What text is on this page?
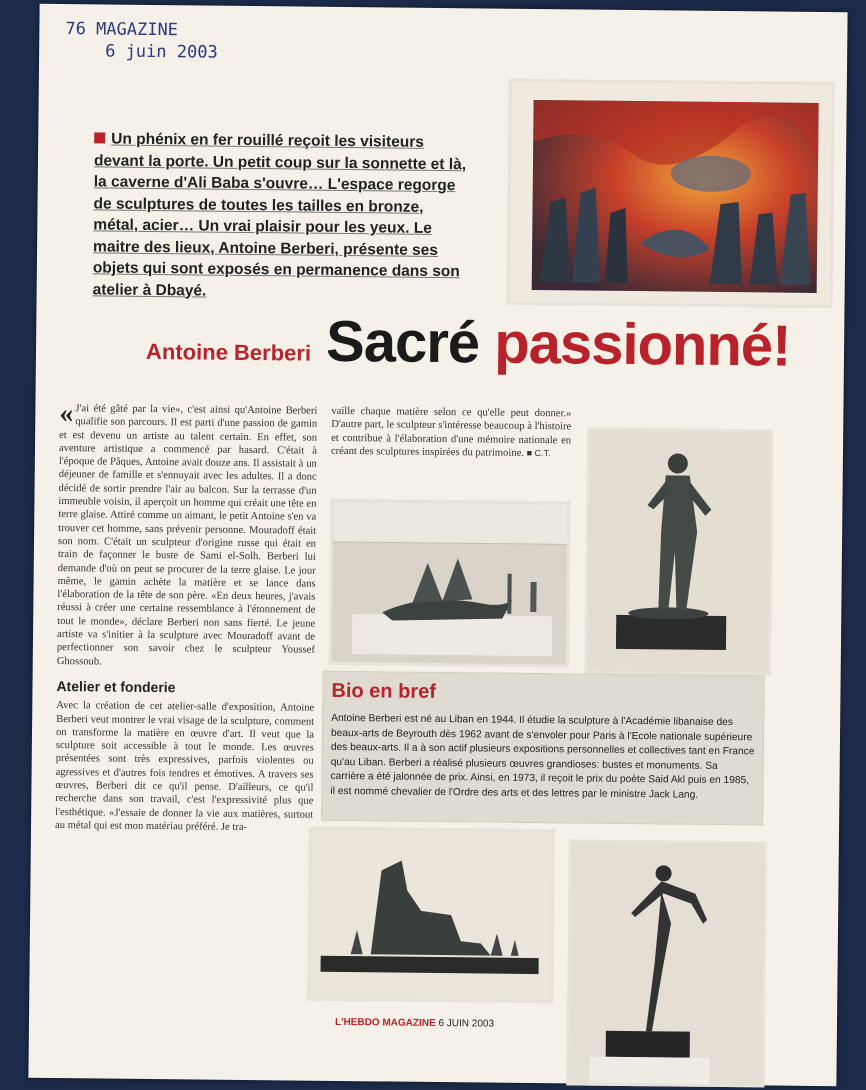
76 MAGAZINE
6 juin 2003
Un phénix en fer rouillé reçoit les visiteurs devant la porte. Un petit coup sur la sonnette et là, la caverne d'Ali Baba s'ouvre… L'espace regorge de sculptures de toutes les tailles en bronze, métal, acier… Un vrai plaisir pour les yeux. Le maitre des lieux, Antoine Berberi, présente ses objets qui sont exposés en permanence dans son atelier à Dbayé.
Antoine Berberi Sacré passionné!

« J'ai été gâté par la vie», c'est ainsi qu'Antoine Berberi qualifie son parcours. Il est parti d'une passion de gamin et est devenu un artiste au talent certain. En effet, son aventure artistique a commencé par hasard. C'était à l'époque de Pâques, Antoine avait douze ans. Il assistait à un déjeuner de famille et s'ennuyait avec les adultes. Il a donc décidé de sortir prendre l'air au balcon. Sur la terrasse d'un immeuble voisin, il aperçoit un homme qui créait une tête en terre glaise. Attiré comme un aimant, le petit Antoine s'en va trouver cet homme, sans prévenir personne. Mouradoff était son nom. C'était un sculpteur d'origine russe qui était en train de façonner le buste de Sami el-Solh. Berberi lui demande d'où on peut se procurer de la terre glaise. Le jour même, le gamin achète la matière et se lance dans l'élaboration de la tête de son père. «En deux heures, j'avais réussi à créer une certaine ressemblance à l'étonnement de tout le monde», déclare Berberi non sans fierté. Le jeune artiste va s'initier à la sculpture avec Mouradoff avant de perfectionner son savoir chez le sculpteur Youssef Ghossoub.

Atelier et fonderie

Avec la création de cet atelier-salle d'exposition, Antoine Berberi veut montrer le vrai visage de la sculpture, comment on transforme la matière en œuvre d'art. Il veut que la sculpture soit accessible à tout le monde. Les œuvres présentées sont très expressives, parfois violentes ou agressives et d'autres fois tendres et émotives. A travers ses œuvres, Berberi dit ce qu'il pense. D'ailleurs, ce qu'il recherche dans son travail, c'est l'expressivité plus que l'esthétique. «J'essaie de donner la vie aux matières, surtout au métal qui est mon matériau préféré. Je tra-

vaille chaque matière selon ce qu'elle peut donner.» D'autre part, le sculpteur s'intéresse beaucoup à l'histoire et contribue à l'élaboration d'une mémoire nationale en créant des sculptures inspirées du patrimoine. ■ C.T.

Bio en bref

Antoine Berberi est né au Liban en 1944. Il étudie la sculpture à l'Académie libanaise des beaux-arts de Beyrouth dès 1962 avant de s'envoler pour Paris à l'Ecole nationale supérieure des beaux-arts. Il a à son actif plusieurs expositions personnelles et collectives tant en France qu'au Liban. Berberi a réalisé plusieurs œuvres grandioses: bustes et monuments. Sa carrière a été jalonnée de prix. Ainsi, en 1973, il reçoit le prix du poète Said Akl puis en 1985, il est nommé chevalier de l'Ordre des arts et des lettres par le ministre Jack Lang.

L'HEBDO MAGAZINE 6 JUIN 2003
